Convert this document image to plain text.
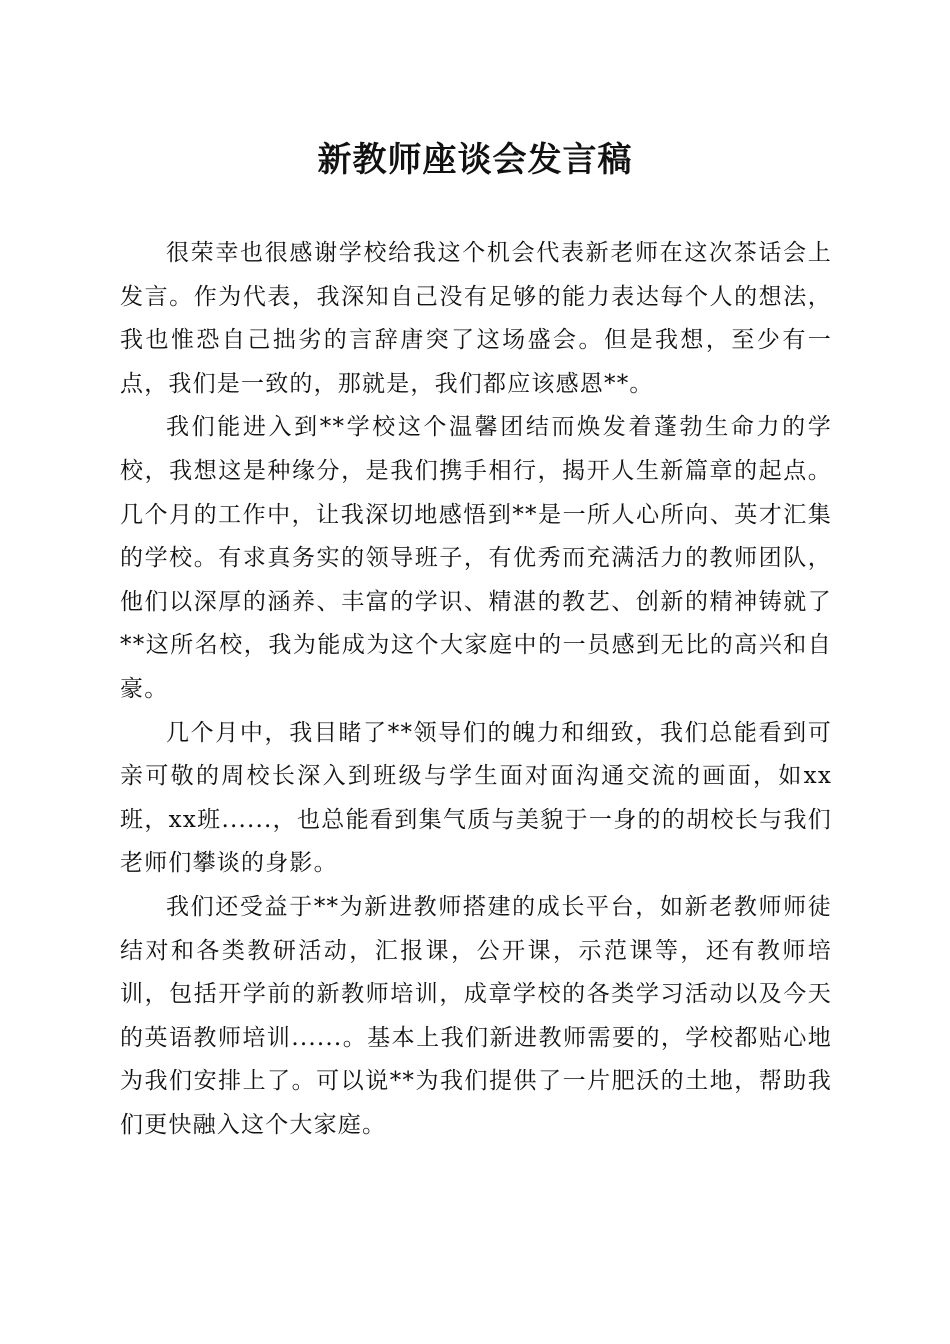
新教师座谈会发言稿

很荣幸也很感谢学校给我这个机会代表新老师在这次茶话会上发言。作为代表，我深知自己没有足够的能力表达每个人的想法，我也惟恐自己拙劣的言辞唐突了这场盛会。但是我想，至少有一点，我们是一致的，那就是，我们都应该感恩**。

我们能进入到**学校这个温馨团结而焕发着蓬勃生命力的学校，我想这是种缘分，是我们携手相行，揭开人生新篇章的起点。几个月的工作中，让我深切地感悟到**是一所人心所向、英才汇集的学校。有求真务实的领导班子，有优秀而充满活力的教师团队，他们以深厚的涵养、丰富的学识、精湛的教艺、创新的精神铸就了**这所名校，我为能成为这个大家庭中的一员感到无比的高兴和自豪。

几个月中，我目睹了**领导们的魄力和细致，我们总能看到可亲可敬的周校长深入到班级与学生面对面沟通交流的画面，如xx班，xx班......，也总能看到集气质与美貌于一身的的胡校长与我们老师们攀谈的身影。

我们还受益于**为新进教师搭建的成长平台，如新老教师师徒结对和各类教研活动，汇报课，公开课，示范课等，还有教师培训，包括开学前的新教师培训，成章学校的各类学习活动以及今天的英语教师培训......。基本上我们新进教师需要的，学校都贴心地为我们安排上了。可以说**为我们提供了一片肥沃的土地，帮助我们更快融入这个大家庭。
